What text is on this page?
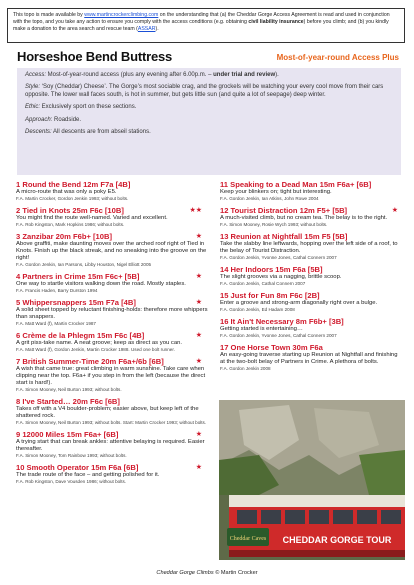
This topo is made available by www.martincrockerclimbing.com on the understanding that (a) the Cheddar Gorge Access Agreement is read and used in conjunction with the topo, and you take any action to ensure you comply with the access conditions (e.g. obtaining civil liability insurance) before you climb; and (b) you kindly make a donation to the area search and rescue team (ASSAR).
Horseshoe Bend Buttress	Most-of-year-round Access Plus

Access: Most-of-year-round access (plus any evening after 6.00p.m. – under trial and review).

Style: ‘Soy (Cheddar) Cheese’. The Gorge’s most sociable crag, and the grockels will be watching your every cool move from their cars opposite. The lower wall faces south, is hot in summer, but gets little sun (and quite a lot of seepage) deep winter.

Ethic: Exclusively sport on these sections.

Approach: Roadside.

Descents: All descents are from abseil stations.

1 Round the Bend 12m F7a [4B]
A micro-route that was only a poky E5.
F.A. Martin Crocker, Gordon Jenkin 1993; without bolts.
2 Tied in Knots 25m F6c [10B]	★★
You might find the route well-named. Varied and excellent.
F.A. Rob Kingston, Mark Hopkins 1986; without bolts.
3 Zanzibar 20m F6b+ [10B]	★
Above graffiti, make daunting moves over the arched roof right of Tied in Knots. Finish up the black streak, and no sneaking into the groove on the right!
F.A. Gordon Jenkin, Ian Parsons, Libby Houston, Nigel Elliott 2005
4 Partners in Crime 15m F6c+ [5B]	★
One way to startle visitors walking down the road. Mostly staples.
F.A. Francis Haden, Barry Durston 1994
5 Whippersnappers 15m F7a [4B]	★
A solid sheet topped by reluctant finishing-holds: therefore more whippers than snappers.
F.A. Matt Ward (f), Martin Crocker 1987
6 Crème de la Phlegm 15m F6c [4B]	★
A grit piss-take name. A neat groove; keep as direct as you can.
F.A. Matt Ward (f), Gordon Jenkin, Martin Crocker 1988. Used one bolt runner.
7 British Summer-Time 20m F6a+/6b [6B]	★
A wish that came true: great climbing in warm sunshine. Take care when clipping near the top. F6a+ if you step in from the left (because the direct start is hard!).
F.A. Simon Mooney, Neil Burton 1993; without bolts.
8 I've Started… 20m F6c [6B]
Takes off with a V4 boulder-problem; easier above, but keep left of the shattered rock.
F.A. Simon Mooney, Neil Burton 1993; without bolts. Start: Martin Crocker 1993; without bolts.
9 12000 Miles 15m F6a+ [6B]	★
A trying start that can break ankles: attentive belaying is required. Easier thereafter.
F.A. Simon Mooney, Tom Rainbow 1993; without bolts.
10 Smooth Operator 15m F6a [6B]	★
The trade route of the face – and getting polished for it.
F.A. Rob Kingston, Dave Vousden 1986; without bolts.
11 Speaking to a Dead Man 15m F6a+ [6B]
Keep your blinkers on; tight but interesting.
F.A. Gordon Jenkin, Ian Atkins, John Rowe 2004
12 Tourist Distraction 12m F5+ [5B]	★
A much-visited climb, but no cream tea. The belay is to the right.
F.A. Simon Mooney, Rosie Wych 1993; without bolts.
13 Reunion at Nightfall 15m F5 [5B]
Take the slabby line leftwards, hopping over the left side of a roof, to the belay of Tourist Distraction.
F.A. Gordon Jenkin, Yvonne Jones, Cathal Connern 2007
14 Her Indoors 15m F6a [5B]
The slight grooves via a nagging, brittle scoop.
F.A. Gordon Jenkin, Cathal Connern 2007
15 Just for Fun 8m F6c [2B]
Enter a groove and strong-arm diagonally right over a bulge.
F.A. Gordon Jenkin, Ed Hadam 2008
16 It Ain't Necessary 8m F6b+ [3B]
Getting started is entertaining…
F.A. Gordon Jenkin, Yvonne Jones, Cathal Connern 2007
17 One Horse Town 30m F6a
An easy-going traverse starting up Reunion at Nightfall and finishing at the two-bolt belay of Partners in Crime. A plethora of bolts.
F.A. Gordon Jenkin 2008
Cheddar Caves CHEDDAR GORGE TOUR
Cheddar Gorge Climbs © Martin Crocker
